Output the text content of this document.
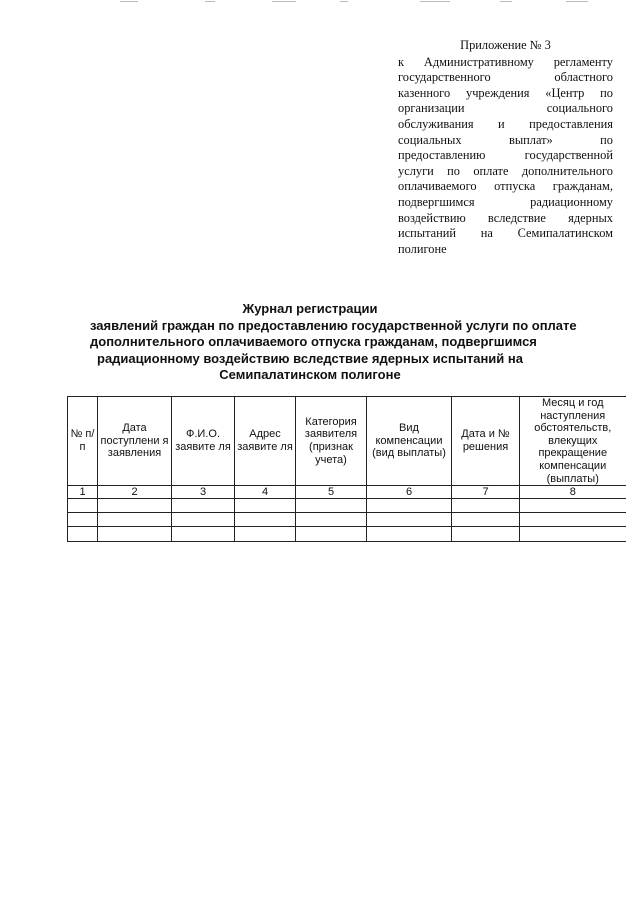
Приложение № 3
к Административному регламенту
государственного областного
казенного учреждения «Центр по
организации социального
обслуживания и предоставления
социальных выплат» по
предоставлению государственной
услуги по оплате дополнительного
оплачиваемого отпуска гражданам,
подвергшимся радиационному
воздействию вследствие ядерных
испытаний на Семипалатинском
полигоне
Журнал регистрации
заявлений граждан по предоставлению государственной услуги по оплате
дополнительного оплачиваемого отпуска гражданам, подвергшимся
радиационному воздействию вследствие ядерных испытаний на
Семипалатинском полигоне
№ п/п	Дата поступлени я заявления	Ф.И.О. заявите ля	Адрес заявите ля	Категория заявителя (признак учета)	Вид компенсации (вид выплаты)	Дата и № решения	Месяц и год наступления обстоятельств, влекущих прекращение компенсации (выплаты)
1	2	3	4	5	6	7	8
